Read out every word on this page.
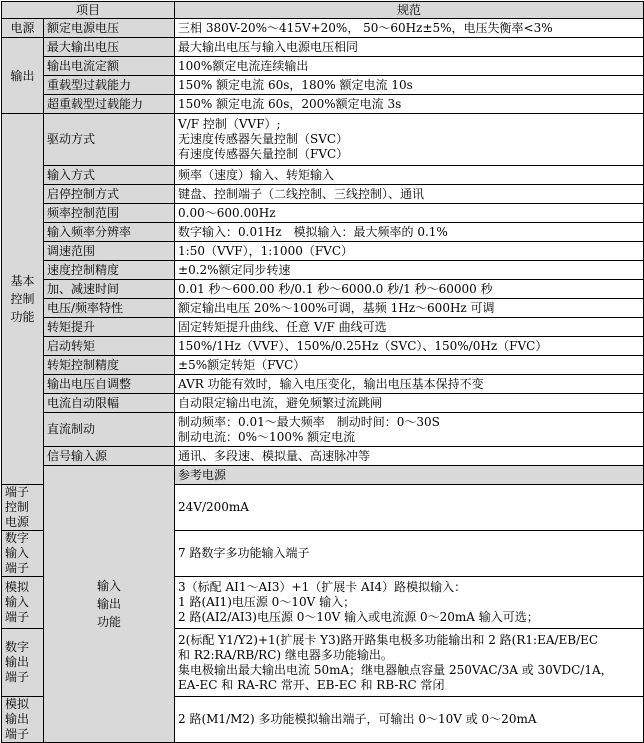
项目		规范	
电源	额定电源电压	三相 380V-20%～415V+20%， 50～60Hz±5%，电压失衡率<3%	
输出	最大输出电压	最大输出电压与输入电源电压相同	
	输出电流定额	100%额定电流连续输出	
	重载型过载能力	150% 额定电流 60s，180% 额定电流 10s	
	超重载型过载能力	150% 额定电流 60s，200%额定电流 3s	

基本
控制
功能	驱动方式	V/F 控制（VVF）;
无速度传感器矢量控制（SVC）
有速度传感器矢量控制（FVC）	

	输入方式	频率（速度）输入、转矩输入	
	启停控制方式	键盘、控制端子（二线控制、三线控制）、通讯	
	频率控制范围	0.00～600.00Hz	
	输入频率分辨率	数字输入：0.01Hz　模拟输入：最大频率的 0.1%	
	调速范围	1:50（VVF），1:1000（FVC）	
	速度控制精度	±0.2%额定同步转速	
	加、减速时间	0.01 秒～600.00 秒/0.1 秒～6000.0 秒/1 秒～60000 秒	
	电压/频率特性	额定输出电压 20%～100%可调，基频 1Hz～600Hz 可调	
	转矩提升	固定转矩提升曲线、任意 V/F 曲线可选	
	启动转矩	150%/1Hz（VVF）、150%/0.25Hz（SVC）、150%/0Hz（FVC）	
	转矩控制精度	±5%额定转矩（FVC）	
	输出电压自调整	AVR 功能有效时，输入电压变化，输出电压基本保持不变	
	电流自动限幅	自动限定输出电流，避免频繁过流跳闸	
	直流制动	制动频率：0.01～最大频率　制动时间：0～30S
制动电流：0%～100% 额定电流	

	信号输入源	通讯、多段速、模拟量、高速脉冲等	

	输入
输出
功能	参考电源	
端子控制电源		24V/200mA	
数字输入端子		7 路数字多功能输入端子	
模拟输入端子		3（标配 AI1～AI3）+1（扩展卡 AI4）路模拟输入：
1 路(AI1)电压源 0～10V 输入；
2 路(AI2/AI3)电压源 0～10V 输入或电流源 0～20mA 输入可选；	

数字输出端子		2(标配 Y1/Y2)+1(扩展卡 Y3)路开路集电极多功能输出和 2 路(R1:EA/EB/EC
和 R2:RA/RB/RC) 继电器多功能输出。
集电极输出最大输出电流 50mA；继电器触点容量 250VAC/3A 或 30VDC/1A，
EA-EC 和 RA-RC 常开、EB-EC 和 RB-RC 常闭	

模拟输出端子		2 路(M1/M2) 多功能模拟输出端子，可输出 0～10V 或 0～20mA	
